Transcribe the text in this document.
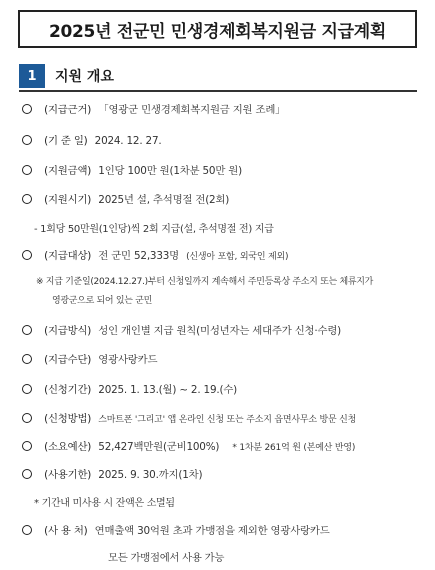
2025년 전군민 민생경제회복지원금 지급계획
1	지원 개요
(지급근거) 「영광군 민생경제회복지원금 지원 조례」
(기 준 일) 2024. 12. 27.
(지원금액) 1인당 100만 원(1차분 50만 원)
(지원시기) 2025년 설, 추석명절 전(2회)
- 1회당 50만원(1인당)씩 2회 지급(설, 추석명절 전) 지급
(지급대상) 전 군민 52,333명 (신생아 포함, 외국인 제외)
※ 지급 기준일(2024.12.27.)부터 신청일까지 계속해서 주민등록상 주소지 또는 체류지가
영광군으로 되어 있는 군민
(지급방식) 성인 개인별 지급 원칙(미성년자는 세대주가 신청·수령)
(지급수단) 영광사랑카드
(신청기간) 2025. 1. 13.(월) ~ 2. 19.(수)
(신청방법) 스마트폰 '그리고' 앱 온라인 신청 또는 주소지 읍면사무소 방문 신청
(소요예산) 52,427백만원(군비100%) * 1차분 261억 원 (본예산 반영)
(사용기한) 2025. 9. 30.까지(1차)
* 기간내 미사용 시 잔액은 소멸됨
(사 용 처) 연매출액 30억원 초과 가맹점을 제외한 영광사랑카드
모든 가맹점에서 사용 가능
